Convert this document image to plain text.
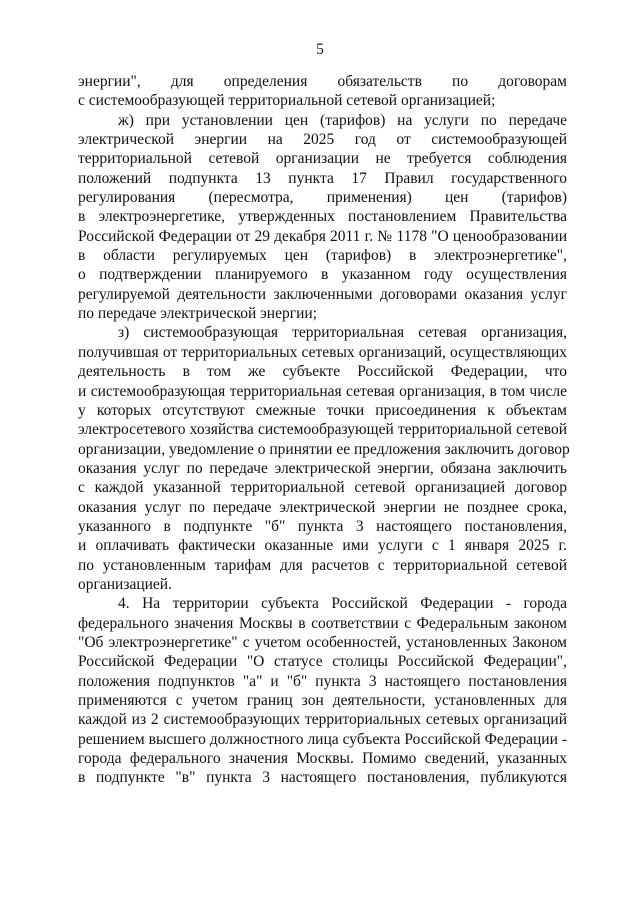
5
энергии", для определения обязательств по договорам
с системообразующей территориальной сетевой организацией;
ж) при установлении цен (тарифов) на услуги по передаче
электрической энергии на 2025 год от системообразующей
территориальной сетевой организации не требуется соблюдения
положений подпункта 13 пункта 17 Правил государственного
регулирования (пересмотра, применения) цен (тарифов)
в электроэнергетике, утвержденных постановлением Правительства
Российской Федерации от 29 декабря 2011 г. № 1178 "О ценообразовании
в области регулируемых цен (тарифов) в электроэнергетике",
о подтверждении планируемого в указанном году осуществления
регулируемой деятельности заключенными договорами оказания услуг
по передаче электрической энергии;
з) системообразующая территориальная сетевая организация,
получившая от территориальных сетевых организаций, осуществляющих
деятельность в том же субъекте Российской Федерации, что
и системообразующая территориальная сетевая организация, в том числе
у которых отсутствуют смежные точки присоединения к объектам
электросетевого хозяйства системообразующей территориальной сетевой
организации, уведомление о принятии ее предложения заключить договор
оказания услуг по передаче электрической энергии, обязана заключить
с каждой указанной территориальной сетевой организацией договор
оказания услуг по передаче электрической энергии не позднее срока,
указанного в подпункте "б" пункта 3 настоящего постановления,
и оплачивать фактически оказанные ими услуги с 1 января 2025 г.
по установленным тарифам для расчетов с территориальной сетевой
организацией.
4. На территории субъекта Российской Федерации - города
федерального значения Москвы в соответствии с Федеральным законом
"Об электроэнергетике" с учетом особенностей, установленных Законом
Российской Федерации "О статусе столицы Российской Федерации",
положения подпунктов "а" и "б" пункта 3 настоящего постановления
применяются с учетом границ зон деятельности, установленных для
каждой из 2 системообразующих территориальных сетевых организаций
решением высшего должностного лица субъекта Российской Федерации -
города федерального значения Москвы. Помимо сведений, указанных
в подпункте "в" пункта 3 настоящего постановления, публикуются
